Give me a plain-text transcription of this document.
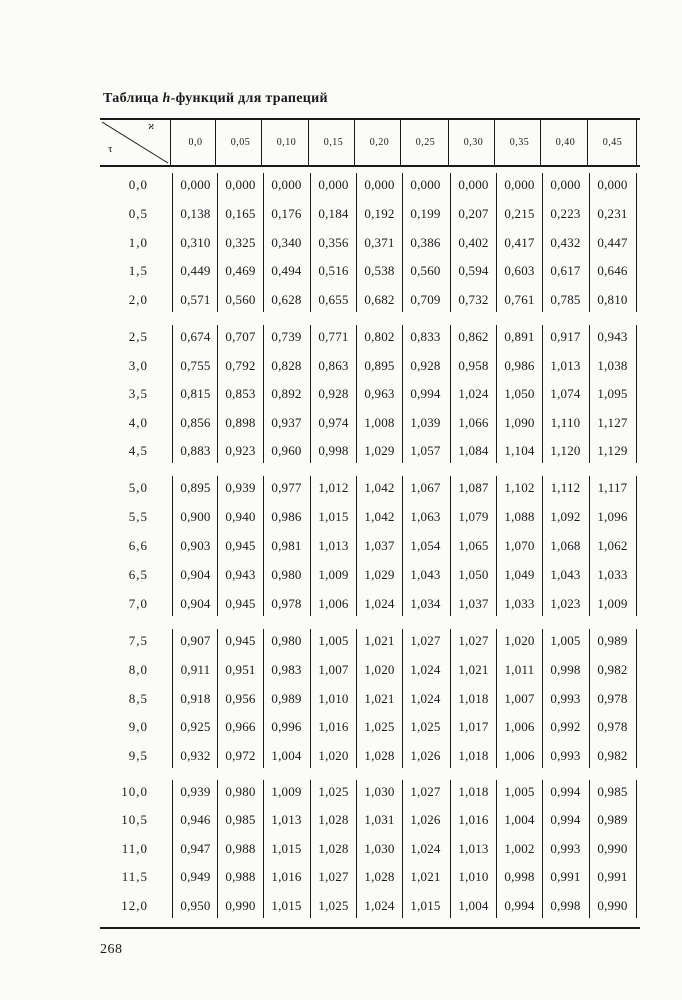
Таблица h-функций для трапеций
ϰ
τ
0,0	0,05	0,10	0,15	0,20	0,25	0,30	0,35	0,40	0,45
0,0	0,000	0,000	0,000	0,000	0,000	0,000	0,000	0,000	0,000	0,000
0,5	0,138	0,165	0,176	0,184	0,192	0,199	0,207	0,215	0,223	0,231
1,0	0,310	0,325	0,340	0,356	0,371	0,386	0,402	0,417	0,432	0,447
1,5	0,449	0,469	0,494	0,516	0,538	0,560	0,594	0,603	0,617	0,646
2,0	0,571	0,560	0,628	0,655	0,682	0,709	0,732	0,761	0,785	0,810
2,5	0,674	0,707	0,739	0,771	0,802	0,833	0,862	0,891	0,917	0,943
3,0	0,755	0,792	0,828	0,863	0,895	0,928	0,958	0,986	1,013	1,038
3,5	0,815	0,853	0,892	0,928	0,963	0,994	1,024	1,050	1,074	1,095
4,0	0,856	0,898	0,937	0,974	1,008	1,039	1,066	1,090	1,110	1,127
4,5	0,883	0,923	0,960	0,998	1,029	1,057	1,084	1,104	1,120	1,129
5,0	0,895	0,939	0,977	1,012	1,042	1,067	1,087	1,102	1,112	1,117
5,5	0,900	0,940	0,986	1,015	1,042	1,063	1,079	1,088	1,092	1,096
6,6	0,903	0,945	0,981	1,013	1,037	1,054	1,065	1,070	1,068	1,062
6,5	0,904	0,943	0,980	1,009	1,029	1,043	1,050	1,049	1,043	1,033
7,0	0,904	0,945	0,978	1,006	1,024	1,034	1,037	1,033	1,023	1,009
7,5	0,907	0,945	0,980	1,005	1,021	1,027	1,027	1,020	1,005	0,989
8,0	0,911	0,951	0,983	1,007	1,020	1,024	1,021	1,011	0,998	0,982
8,5	0,918	0,956	0,989	1,010	1,021	1,024	1,018	1,007	0,993	0,978
9,0	0,925	0,966	0,996	1,016	1,025	1,025	1,017	1,006	0,992	0,978
9,5	0,932	0,972	1,004	1,020	1,028	1,026	1,018	1,006	0,993	0,982
10,0	0,939	0,980	1,009	1,025	1,030	1,027	1,018	1,005	0,994	0,985
10,5	0,946	0,985	1,013	1,028	1,031	1,026	1,016	1,004	0,994	0,989
11,0	0,947	0,988	1,015	1,028	1,030	1,024	1,013	1,002	0,993	0,990
11,5	0,949	0,988	1,016	1,027	1,028	1,021	1,010	0,998	0,991	0,991
12,0	0,950	0,990	1,015	1,025	1,024	1,015	1,004	0,994	0,998	0,990
268
